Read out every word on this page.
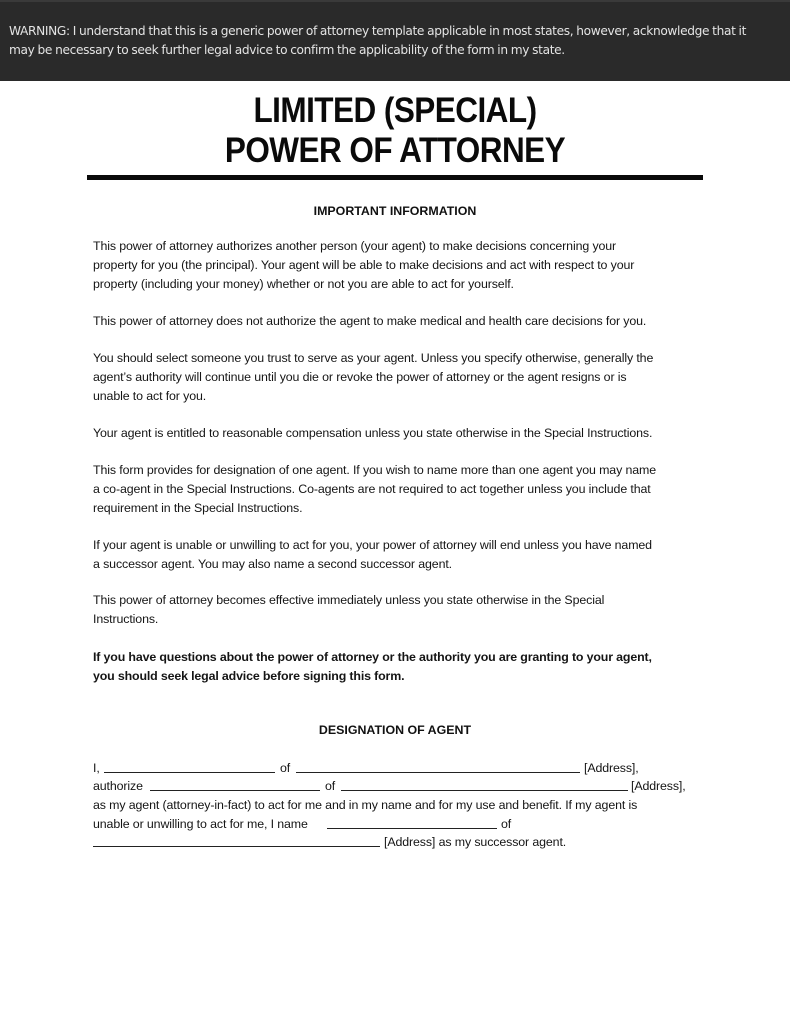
WARNING: I understand that this is a generic power of attorney template applicable in most states, however, acknowledge that it
may be necessary to seek further legal advice to confirm the applicability of the form in my state.
LIMITED (SPECIAL)
POWER OF ATTORNEY
IMPORTANT INFORMATION
This power of attorney authorizes another person (your agent) to make decisions concerning your
property for you (the principal). Your agent will be able to make decisions and act with respect to your
property (including your money) whether or not you are able to act for yourself.
This power of attorney does not authorize the agent to make medical and health care decisions for you.
You should select someone you trust to serve as your agent. Unless you specify otherwise, generally the
agent’s authority will continue until you die or revoke the power of attorney or the agent resigns or is
unable to act for you.
Your agent is entitled to reasonable compensation unless you state otherwise in the Special Instructions.
This form provides for designation of one agent. If you wish to name more than one agent you may name
a co-agent in the Special Instructions. Co-agents are not required to act together unless you include that
requirement in the Special Instructions.
If your agent is unable or unwilling to act for you, your power of attorney will end unless you have named
a successor agent. You may also name a second successor agent.
This power of attorney becomes effective immediately unless you state otherwise in the Special
Instructions.
If you have questions about the power of attorney or the authority you are granting to your agent,
you should seek legal advice before signing this form.
DESIGNATION OF AGENT
I,	of	[Address],
authorize	of	[Address],
as my agent (attorney-in-fact) to act for me and in my name and for my use and benefit. If my agent is
unable or unwilling to act for me, I name	of
[Address] as my successor agent.
